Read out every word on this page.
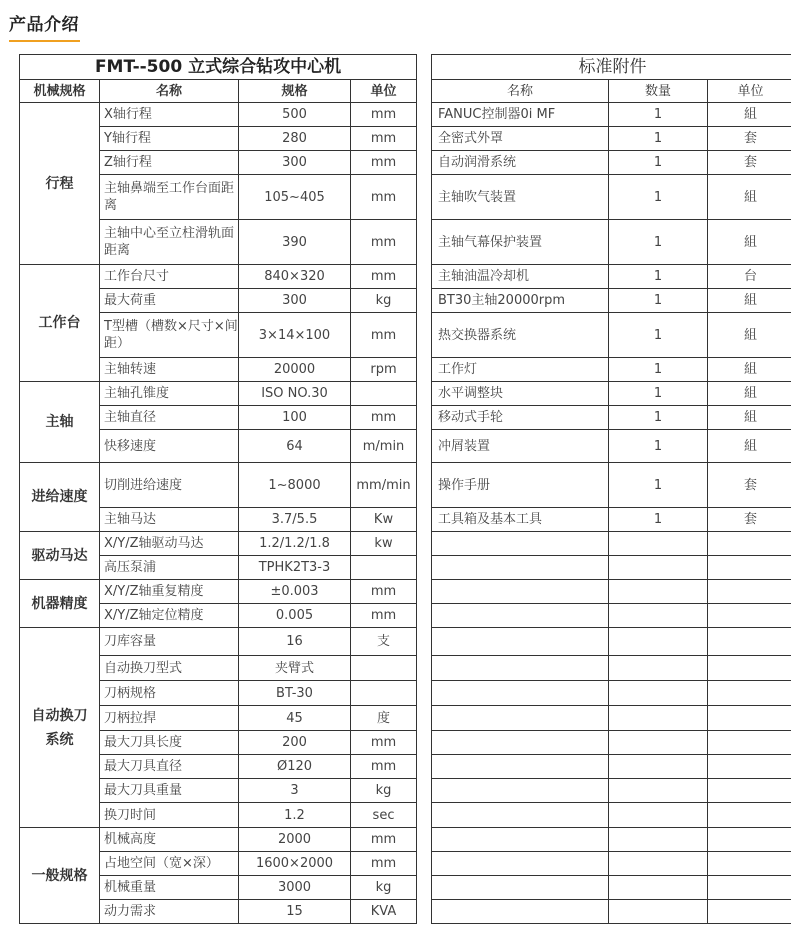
产品介绍
FMT--500 立式综合钻攻中心机			
机械规格	名称	规格	单位
行程	X轴行程	500	mm
	Y轴行程	280	mm
	Z轴行程	300	mm
	主轴鼻端至工作台面距离	105~405	mm
	主轴中心至立柱滑轨面距离	390	mm
工作台	工作台尺寸	840×320	mm
	最大荷重	300	kg
	T型槽（槽数×尺寸×间距）	3×14×100	mm
	主轴转速	20000	rpm
主轴	主轴孔锥度	ISO NO.30	
	主轴直径	100	mm
	快移速度	64	m/min
进给速度	切削进给速度	1~8000	mm/min
	主轴马达	3.7/5.5	Kw
驱动马达	X/Y/Z轴驱动马达	1.2/1.2/1.8	kw
	高压泵浦	TPHK2T3-3	
机器精度	X/Y/Z轴重复精度	±0.003	mm
	X/Y/Z轴定位精度	0.005	mm
自动换刀系统	刀库容量	16	支
	自动换刀型式	夹臂式	
	刀柄规格	BT-30	
	刀柄拉捍	45	度
	最大刀具长度	200	mm
	最大刀具直径	Ø120	mm
	最大刀具重量	3	kg
	换刀时间	1.2	sec
一般规格	机械高度	2000	mm
	占地空间（宽×深）	1600×2000	mm
	机械重量	3000	kg
	动力需求	15	KVA
标准附件		
名称	数量	单位
FANUC控制器0i MF	1	組
全密式外罩	1	套
自动润滑系统	1	套
主轴吹气装置	1	組
主轴气幕保护装置	1	組
主轴油温冷却机	1	台
BT30主轴20000rpm	1	組
热交换器系统	1	組
工作灯	1	組
水平调整块	1	組
移动式手轮	1	組
冲屑装置	1	組
操作手册	1	套
工具箱及基本工具	1	套
